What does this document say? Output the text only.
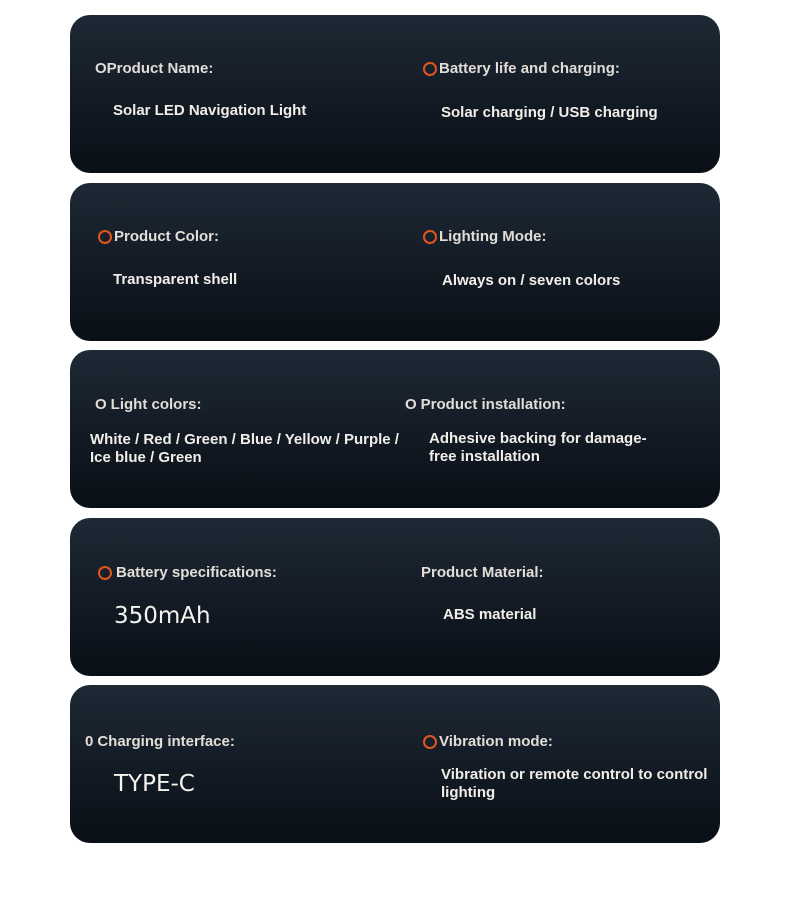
O Product Name:
Solar LED Navigation Light
Battery life and charging:
Solar charging / USB charging
Product Color:
Transparent shell
Lighting Mode:
Always on / seven colors
O Light colors:
White / Red / Green / Blue / Yellow / Purple / Ice blue / Green
O Product installation:
Adhesive backing for damage-free installation
Battery specifications:
350mAh
Product Material:
ABS material
0 Charging interface:
TYPE-C
Vibration mode:
Vibration or remote control to control lighting
